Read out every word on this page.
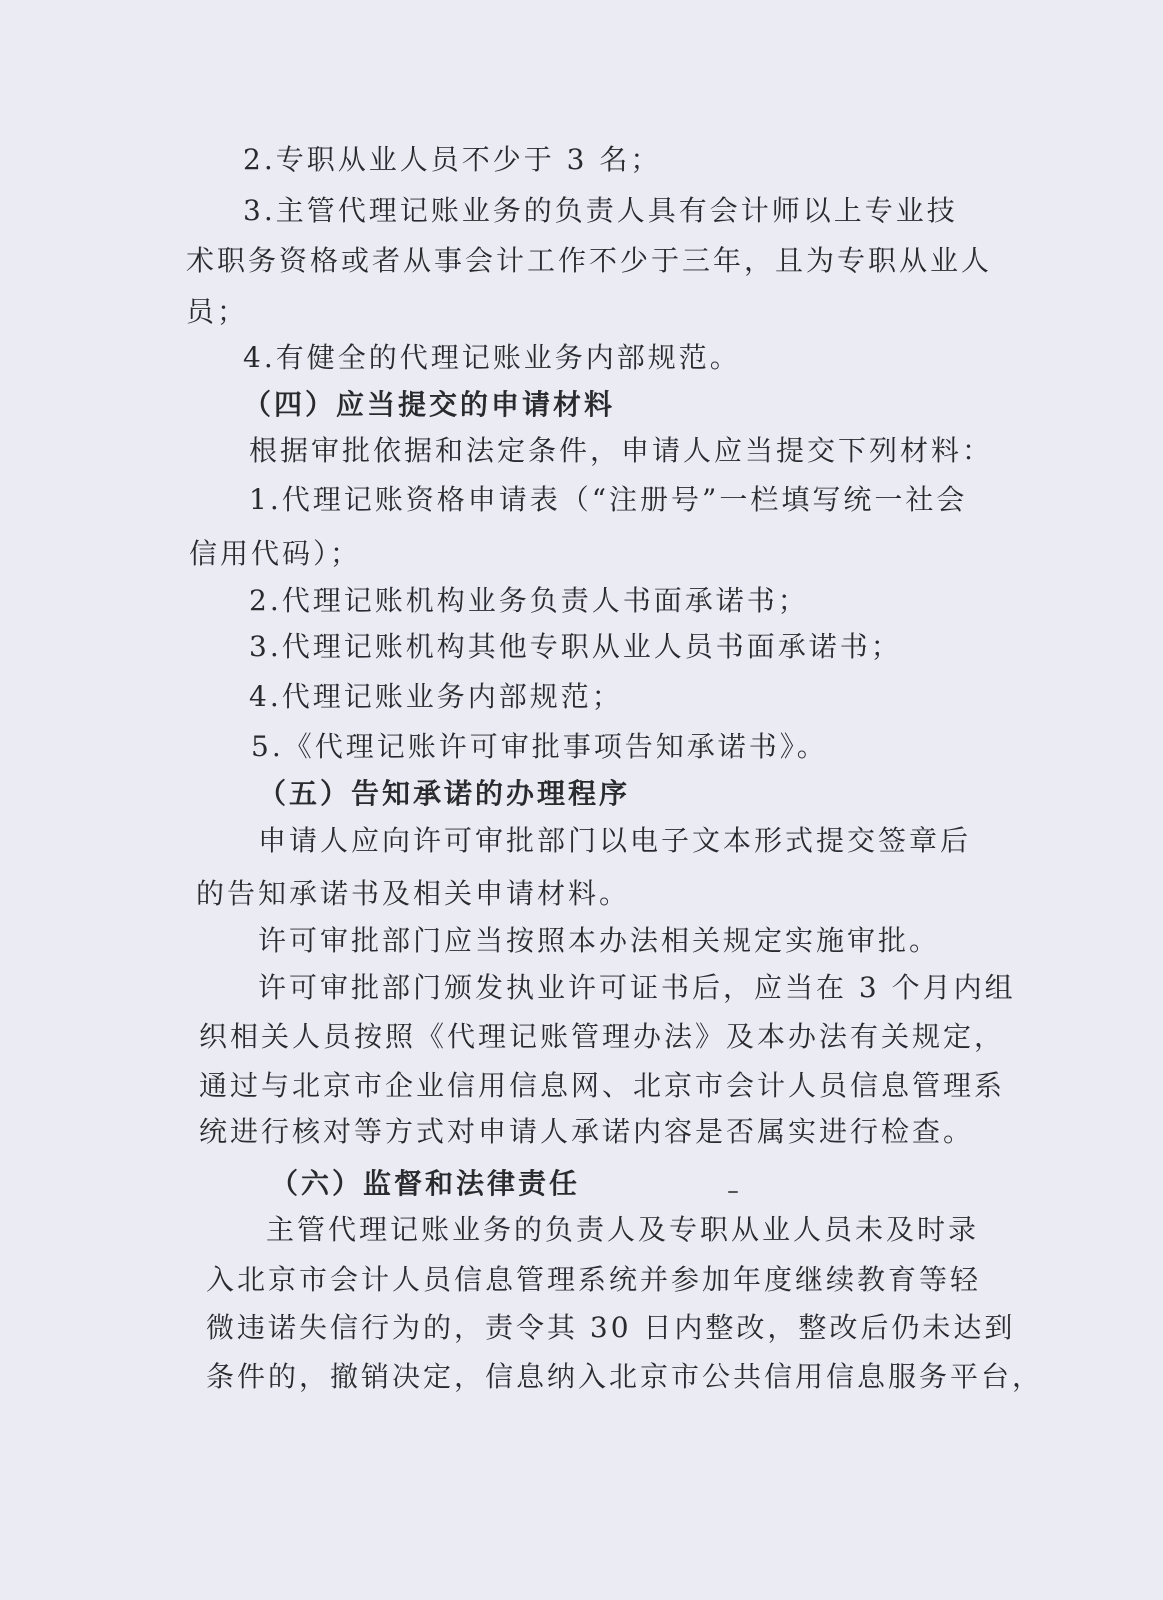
2.专职从业人员不少于 3 名；
3.主管代理记账业务的负责人具有会计师以上专业技
术职务资格或者从事会计工作不少于三年，且为专职从业人
员；
4.有健全的代理记账业务内部规范。
（四）应当提交的申请材料
根据审批依据和法定条件，申请人应当提交下列材料：
1.代理记账资格申请表（“注册号”一栏填写统一社会
信用代码）；
2.代理记账机构业务负责人书面承诺书；
3.代理记账机构其他专职从业人员书面承诺书；
4.代理记账业务内部规范；
5.《代理记账许可审批事项告知承诺书》。
（五）告知承诺的办理程序
申请人应向许可审批部门以电子文本形式提交签章后
的告知承诺书及相关申请材料。
许可审批部门应当按照本办法相关规定实施审批。
许可审批部门颁发执业许可证书后，应当在 3 个月内组
织相关人员按照《代理记账管理办法》及本办法有关规定，
通过与北京市企业信用信息网、北京市会计人员信息管理系
统进行核对等方式对申请人承诺内容是否属实进行检查。
（六）监督和法律责任
主管代理记账业务的负责人及专职从业人员未及时录
入北京市会计人员信息管理系统并参加年度继续教育等轻
微违诺失信行为的，责令其 30 日内整改，整改后仍未达到
条件的，撤销决定，信息纳入北京市公共信用信息服务平台，
